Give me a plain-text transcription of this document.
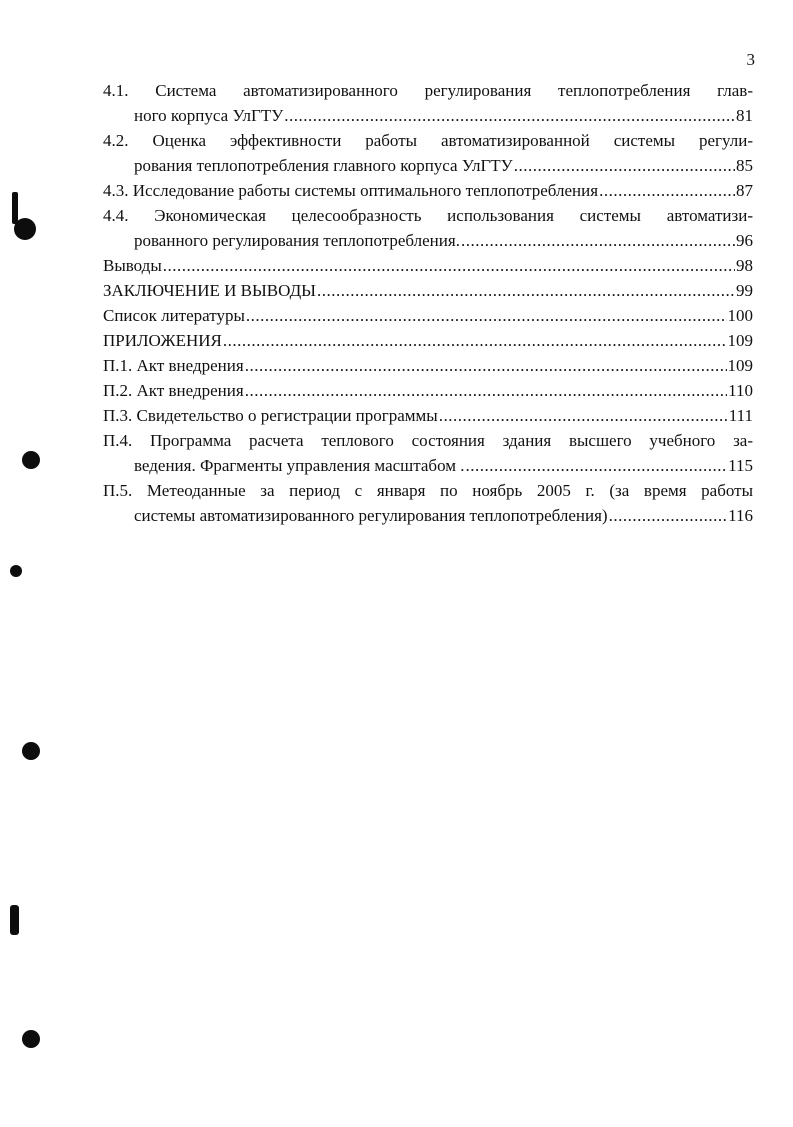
3
4.1. Система автоматизированного регулирования теплопотребления глав-
ного корпуса УлГТУ .....	81
4.2. Оценка эффективности работы автоматизированной системы регули-
рования теплопотребления главного корпуса УлГТУ .....	85
4.3. Исследование работы системы оптимального теплопотребления .....	87
4.4. Экономическая целесообразность использования системы автоматизи-
рованного регулирования теплопотребления. .....	96
Выводы .....	98
ЗАКЛЮЧЕНИЕ И ВЫВОДЫ .....	99
Список литературы .....	100
ПРИЛОЖЕНИЯ .....	109
П.1. Акт внедрения .....	109
П.2. Акт внедрения .....	110
П.3. Свидетельство о регистрации программы .....	111
П.4. Программа расчета теплового состояния здания высшего учебного за-
ведения. Фрагменты управления масштабом . .....	115
П.5. Метеоданные за период с января по ноябрь 2005 г. (за время работы
системы автоматизированного регулирования теплопотребления) .....	116
